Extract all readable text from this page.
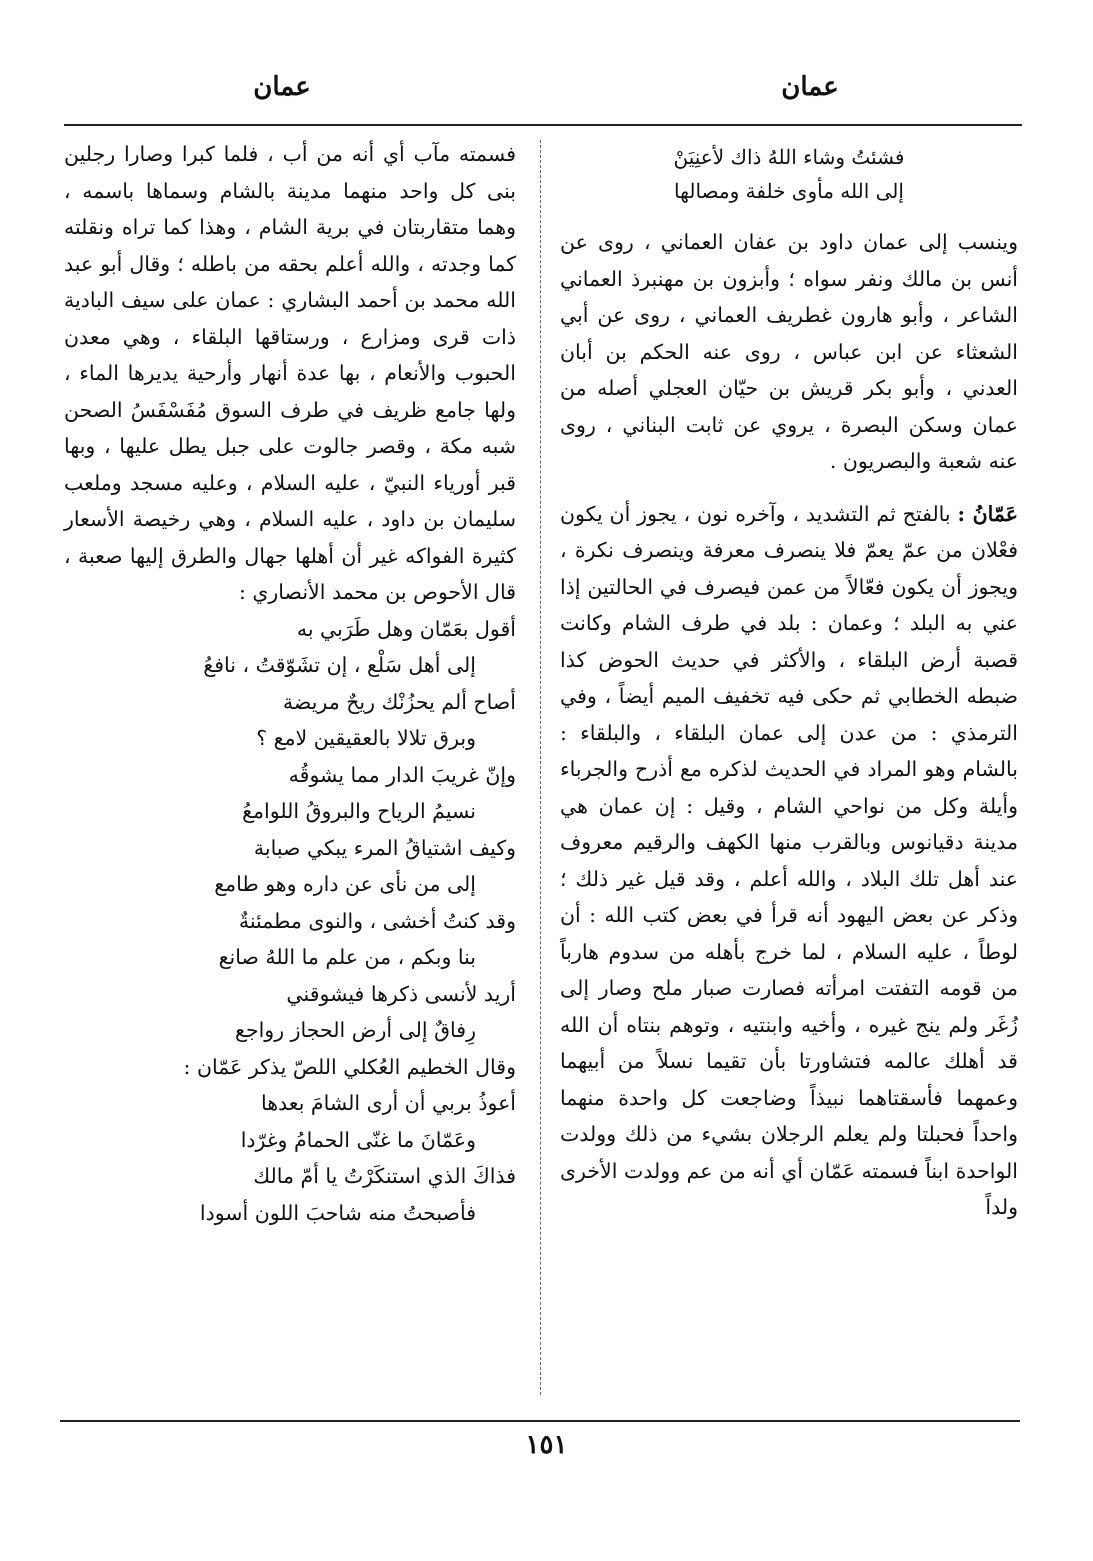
عمان
عمان
فشئتُ وشاء اللهُ ذاك لأعنِيَنْ
إلى الله مأوى خلفة ومصالها

وينسب إلى عمان داود بن عفان العماني ، روى عن أنس بن مالك ونفر سواه ؛ وأبزون بن مهنبرذ العماني الشاعر ، وأبو هارون غطريف العماني ، روى عن أبي الشعثاء عن ابن عباس ، روى عنه الحكم بن أبان العدني ، وأبو بكر قريش بن حيّان العجلي أصله من عمان وسكن البصرة ، يروي عن ثابت البناني ، روى عنه شعبة والبصريون .

عَمّانُ : بالفتح ثم التشديد ، وآخره نون ، يجوز أن يكون فعْلان من عمّ يعمّ فلا ينصرف معرفة وينصرف نكرة ، ويجوز أن يكون فعّالاً من عمن فيصرف في الحالتين إذا عني به البلد ؛ وعمان : بلد في طرف الشام وكانت قصبة أرض البلقاء ، والأكثر في حديث الحوض كذا ضبطه الخطابي ثم حكى فيه تخفيف الميم أيضاً ، وفي الترمذي : من عدن إلى عمان البلقاء ، والبلقاء : بالشام وهو المراد في الحديث لذكره مع أذرح والجرباء وأيلة وكل من نواحي الشام ، وقيل : إن عمان هي مدينة دقيانوس وبالقرب منها الكهف والرقيم معروف عند أهل تلك البلاد ، والله أعلم ، وقد قيل غير ذلك ؛ وذكر عن بعض اليهود أنه قرأ في بعض كتب الله : أن لوطاً ، عليه السلام ، لما خرج بأهله من سدوم هارباً من قومه التفتت امرأته فصارت صبار ملح وصار إلى زُغَر ولم ينج غيره ، وأخيه وابنتيه ، وتوهم بنتاه أن الله قد أهلك عالمه فتشاورتا بأن تقيما نسلاً من أبيهما وعمهما فأسقتاهما نبيذاً وضاجعت كل واحدة منهما واحداً فحبلتا ولم يعلم الرجلان بشيء من ذلك وولدت الواحدة ابناً فسمته عَمّان أي أنه من عم وولدت الأخرى ولداً

فسمته مآب أي أنه من أب ، فلما كبرا وصارا رجلين بنى كل واحد منهما مدينة بالشام وسماها باسمه ، وهما متقاربتان في برية الشام ، وهذا كما تراه ونقلته كما وجدته ، والله أعلم بحقه من باطله ؛ وقال أبو عبد الله محمد بن أحمد البشاري : عمان على سيف البادية ذات قرى ومزارع ، ورستاقها البلقاء ، وهي معدن الحبوب والأنعام ، بها عدة أنهار وأرحية يديرها الماء ، ولها جامع ظريف في طرف السوق مُفَسْفَسُ الصحن شبه مكة ، وقصر جالوت على جبل يطل عليها ، وبها قبر أورياء النبيّ ، عليه السلام ، وعليه مسجد وملعب سليمان بن داود ، عليه السلام ، وهي رخيصة الأسعار كثيرة الفواكه غير أن أهلها جهال والطرق إليها صعبة ، قال الأحوص بن محمد الأنصاري :

أقول بعَمّان وهل طَرَبي به
إلى أهل سَلْع ، إن تشَوّقتُ ، نافعُ
أصاح ألم يحزُنْك ريحٌ مريضة
وبرق تلالا بالعقيقين لامع ؟
وإنّ غريبَ الدار مما يشوقُه
نسيمُ الرياح والبروقُ اللوامعُ
وكيف اشتياقُ المرء يبكي صبابة
إلى من نأى عن داره وهو طامع
وقد كنتُ أخشى ، والنوى مطمئنةٌ
بنا وبكم ، من علم ما اللهُ صانع
أريد لأنسى ذكرها فيشوقني
رِفاقٌ إلى أرض الحجاز رواجع

وقال الخطيم العُكلي اللصّ يذكر عَمّان :

أعوذُ بربي أن أرى الشامَ بعدها
وعَمّانَ ما غنّى الحمامُ وغرّدا
فذاكَ الذي استنكَرْتُ يا أمّ مالك
فأصبحتُ منه شاحبَ اللون أسودا
١٥١
